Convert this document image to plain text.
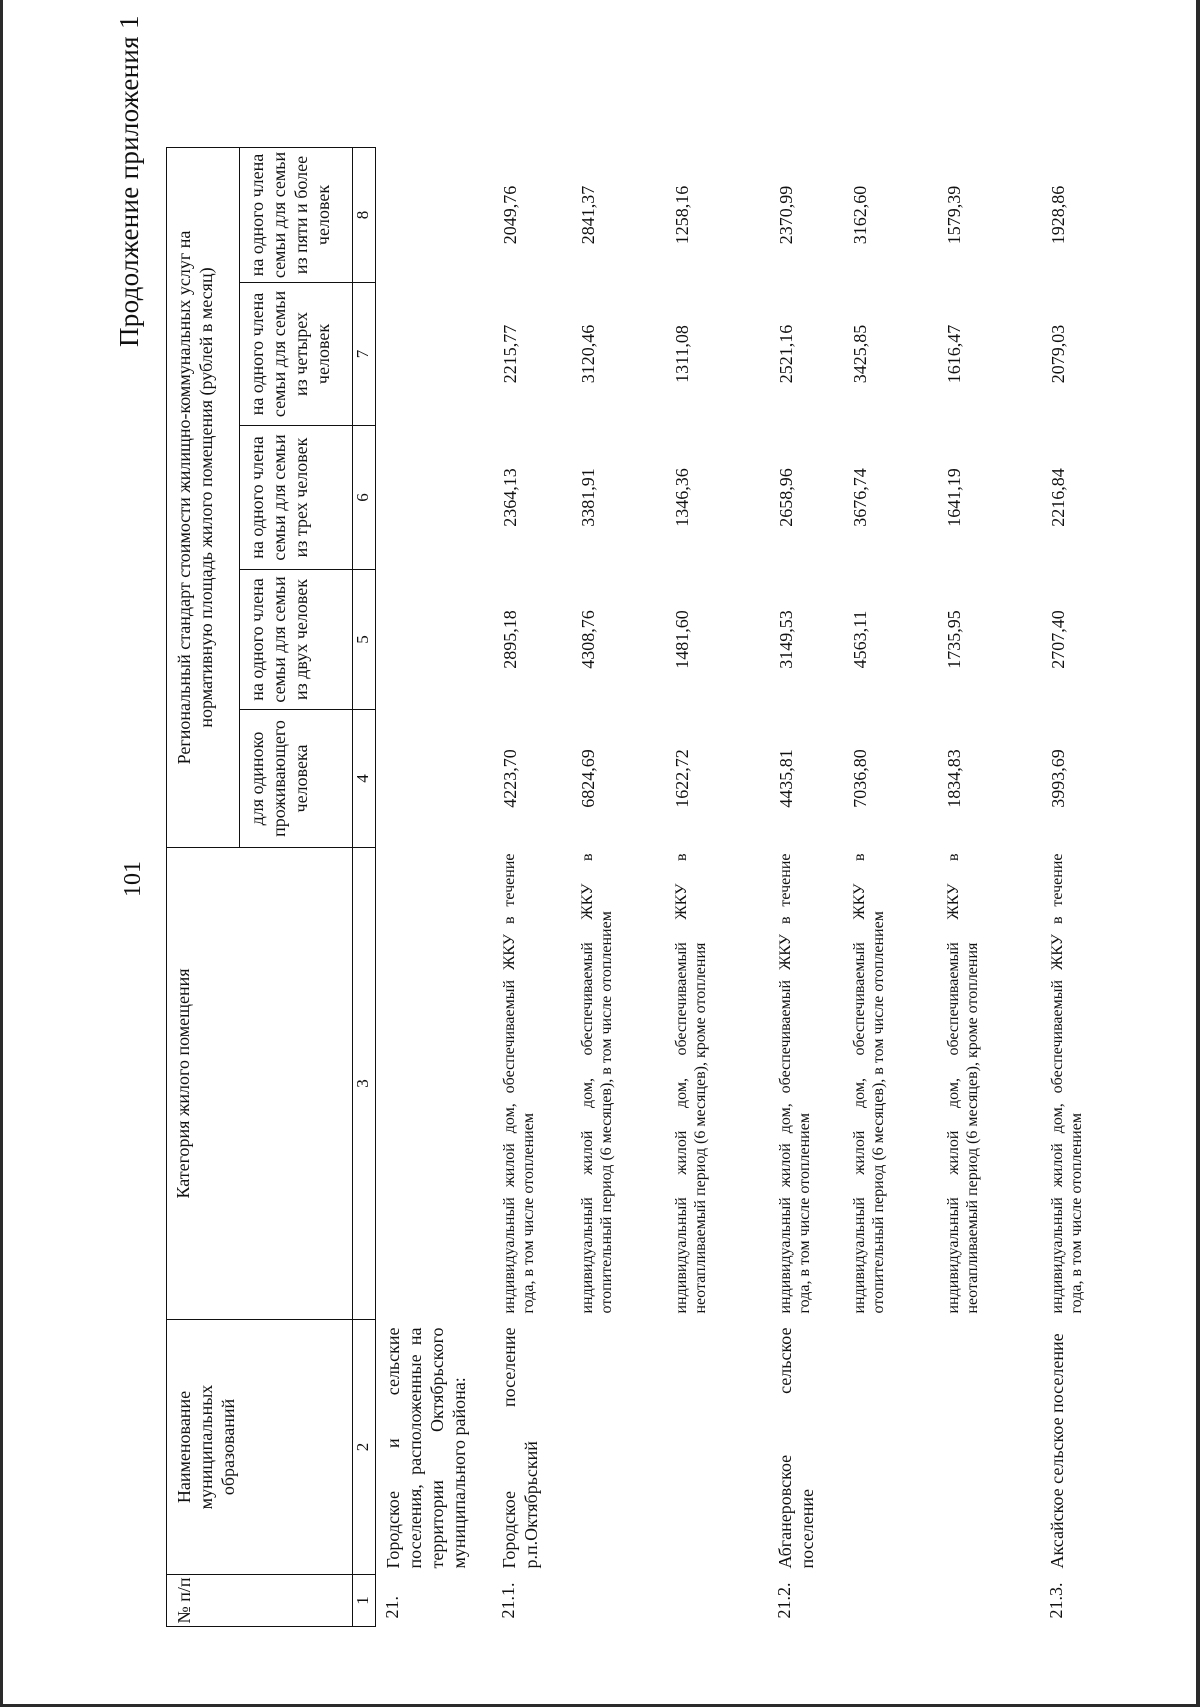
101
Продолжение приложения 1
№ п/п	Наименование муниципальных образований	Категория жилого помещения	Региональный стандарт стоимости жилищно-коммунальных услуг на нормативную площадь жилого помещения (рублей в месяц)					
			для одиноко проживающего человека	на одного члена семьи для семьи из двух человек	на одного члена семьи для семьи из трех человек	на одного члена семьи для семьи из четырех человек	на одного члена семьи для семьи из пяти и более человек	
1	2	3	4	5	6	7	8	
21.	Городское и сельские поселения, расположенные на территории Октябрьского муниципального района:							
21.1.	Городское поселение р.п.Октябрьский	индивидуальный жилой дом, обеспечиваемый ЖКУ в течение года, в том числе отоплением	4223,70	2895,18	2364,13	2215,77	2049,76	
		индивидуальный жилой дом, обеспечиваемый ЖКУ в отопительный период (6 месяцев), в том числе отоплением	6824,69	4308,76	3381,91	3120,46	2841,37	
		индивидуальный жилой дом, обеспечиваемый ЖКУ в неотапливаемый период (6 месяцев), кроме отопления	1622,72	1481,60	1346,36	1311,08	1258,16	
21.2.	Абганеровское сельское поселение	индивидуальный жилой дом, обеспечиваемый ЖКУ в течение года, в том числе отоплением	4435,81	3149,53	2658,96	2521,16	2370,99	
		индивидуальный жилой дом, обеспечиваемый ЖКУ в отопительный период (6 месяцев), в том числе отоплением	7036,80	4563,11	3676,74	3425,85	3162,60	
		индивидуальный жилой дом, обеспечиваемый ЖКУ в неотапливаемый период (6 месяцев), кроме отопления	1834,83	1735,95	1641,19	1616,47	1579,39	
21.3.	Аксайское сельское поселение	индивидуальный жилой дом, обеспечиваемый ЖКУ в течение года, в том числе отоплением	3993,69	2707,40	2216,84	2079,03	1928,86	
